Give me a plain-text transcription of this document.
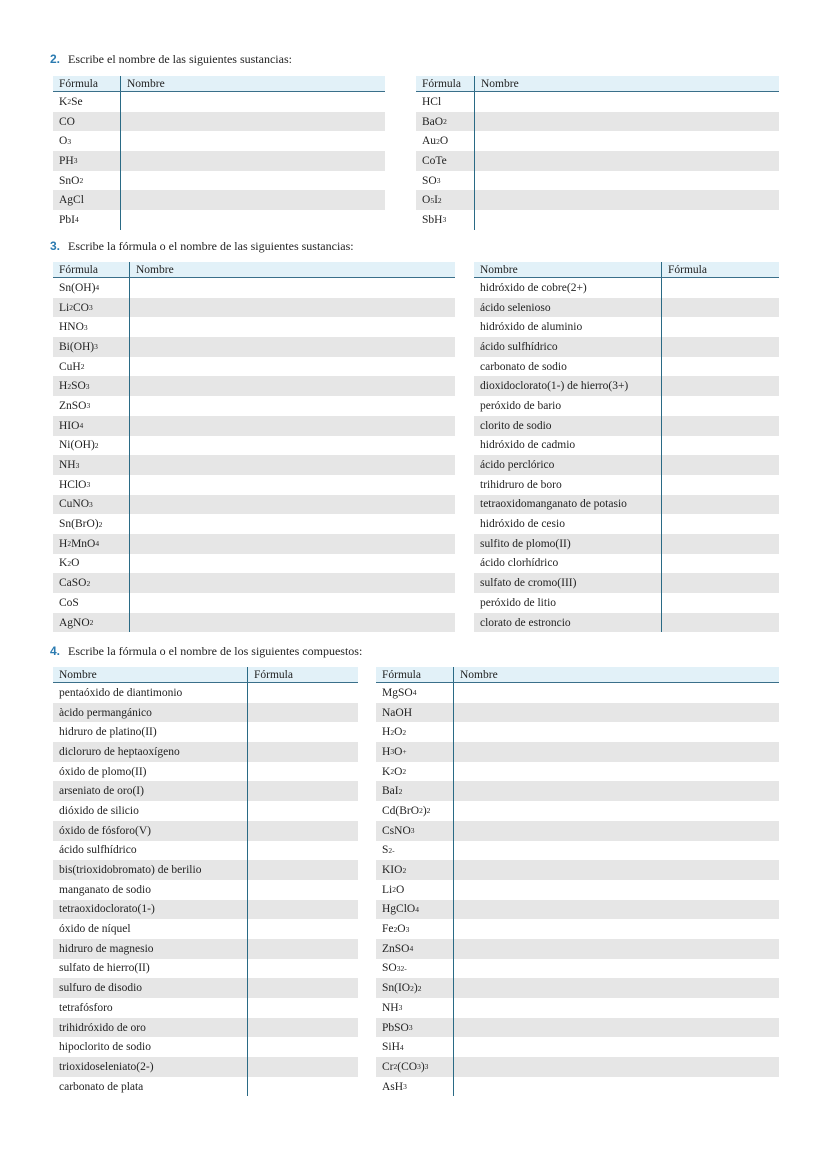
2. Escribe el nombre de las siguientes sustancias:
Fórmula	Nombre
K 2 Se
CO
O 3
PH 3
SnO 2
AgCl
PbI 4
Fórmula	Nombre
HCl
BaO 2
Au 2 O
CoTe
SO 3
O 5 I 2
SbH 3
3. Escribe la fórmula o el nombre de las siguientes sustancias:
Fórmula	Nombre
Sn(OH) 4
Li 2 CO 3
HNO 3
Bi(OH) 3
CuH 2
H 2 SO 3
ZnSO 3
HIO 4
Ni(OH) 2
NH 3
HClO 3
CuNO 3
Sn(BrO) 2
H 2 MnO 4
K 2 O
CaSO 2
CoS
AgNO 2
Nombre	Fórmula
hidróxido de cobre(2+)
ácido selenioso
hidróxido de aluminio
ácido sulfhídrico
carbonato de sodio
dioxidoclorato(1-) de hierro(3+)
peróxido de bario
clorito de sodio
hidróxido de cadmio
ácido perclórico
trihidruro de boro
tetraoxidomanganato de potasio
hidróxido de cesio
sulfito de plomo(II)
ácido clorhídrico
sulfato de cromo(III)
peróxido de litio
clorato de estroncio
4. Escribe la fórmula o el nombre de los siguientes compuestos:
Nombre	Fórmula
pentaóxido de diantimonio
àcido permangánico
hidruro de platino(II)
dicloruro de heptaoxígeno
óxido de plomo(II)
arseniato de oro(I)
dióxido de silicio
óxido de fósforo(V)
ácido sulfhídrico
bis(trioxidobromato) de berilio
manganato de sodio
tetraoxidoclorato(1-)
óxido de níquel
hidruro de magnesio
sulfato de hierro(II)
sulfuro de disodio
tetrafósforo
trihidróxido de oro
hipoclorito de sodio
trioxidoseleniato(2-)
carbonato de plata
Fórmula	Nombre
MgSO 4
NaOH
H 2 O 2
H 3 O +
K 2 O 2
BaI 2
Cd(BrO 2 ) 2
CsNO 3
S 2-
KIO 2
Li 2 O
HgClO 4
Fe 2 O 3
ZnSO 4
SO 3 2-
Sn(IO 2 ) 2
NH 3
PbSO 3
SiH 4
Cr 2 (CO 3 ) 3
AsH 3
